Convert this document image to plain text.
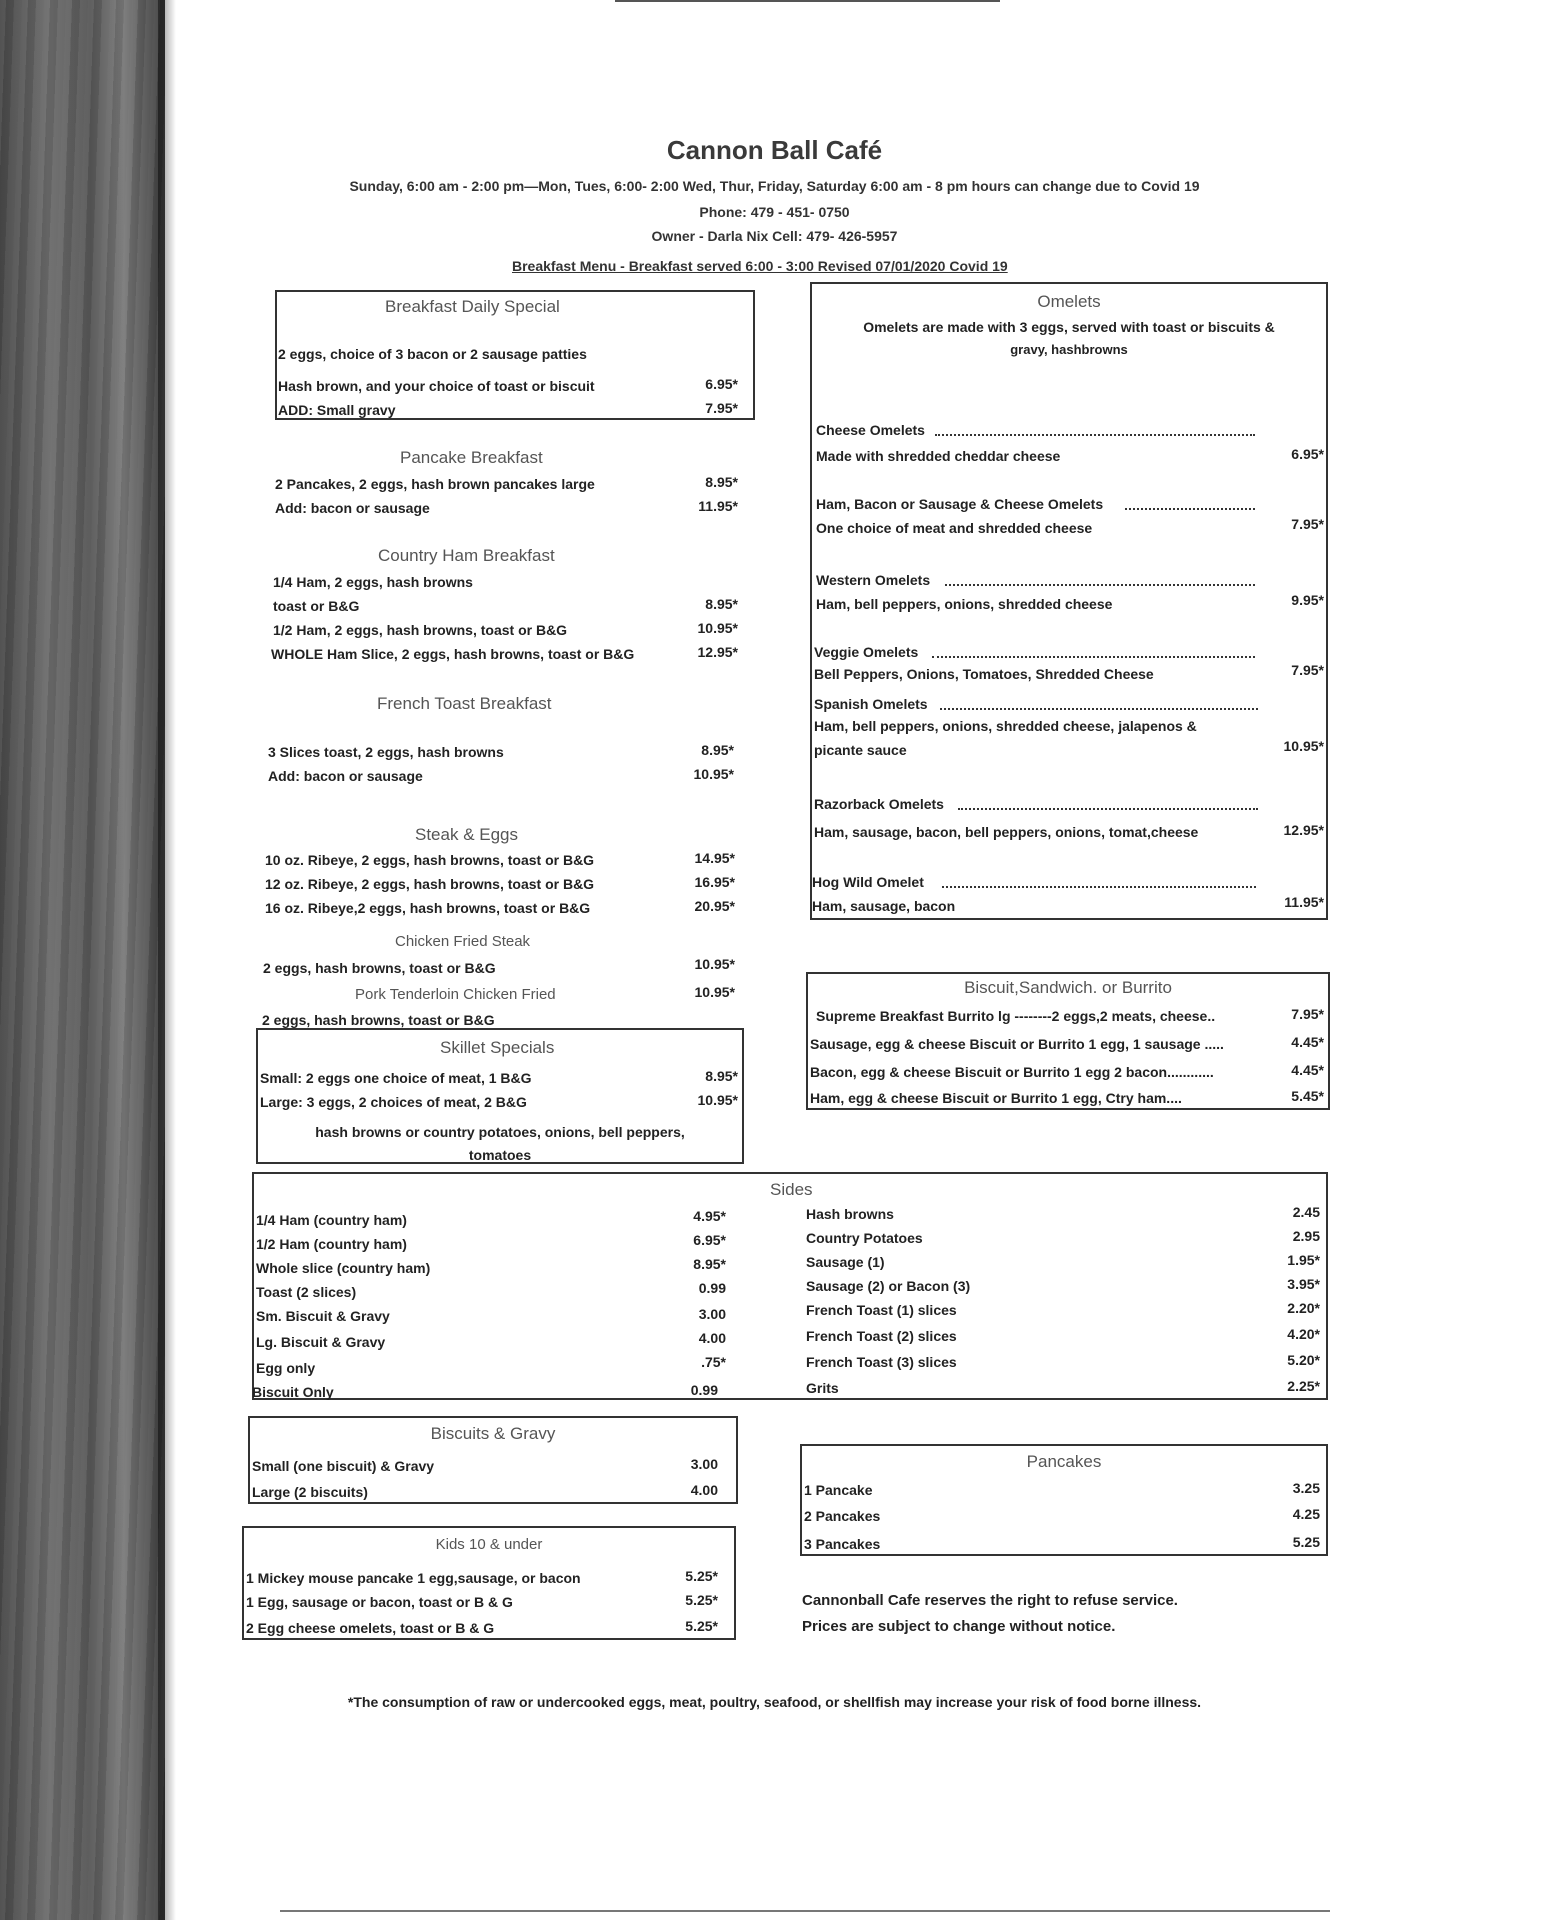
Cannon Ball Café
Sunday, 6:00 am - 2:00 pm—Mon, Tues, 6:00- 2:00 Wed, Thur, Friday, Saturday 6:00 am - 8 pm hours can change due to Covid 19
Phone: 479 - 451- 0750
Owner - Darla Nix Cell: 479- 426-5957
Breakfast Menu - Breakfast served 6:00 - 3:00 Revised 07/01/2020 Covid 19
Breakfast Daily Special
2 eggs, choice of 3 bacon or 2 sausage patties
Hash brown, and your choice of toast or biscuit	6.95*
ADD: Small gravy	7.95*
Pancake Breakfast
2 Pancakes, 2 eggs, hash brown pancakes large	8.95*
Add: bacon or sausage	11.95*
Country Ham Breakfast
1/4 Ham, 2 eggs, hash browns
toast or B&G	8.95*
1/2 Ham, 2 eggs, hash browns, toast or B&G	10.95*
WHOLE Ham Slice, 2 eggs, hash browns, toast or B&G	12.95*
French Toast Breakfast
3 Slices toast, 2 eggs, hash browns	8.95*
Add: bacon or sausage	10.95*
Steak & Eggs
10 oz. Ribeye, 2 eggs, hash browns, toast or B&G	14.95*
12 oz. Ribeye, 2 eggs, hash browns, toast or B&G	16.95*
16 oz. Ribeye,2 eggs, hash browns, toast or B&G	20.95*
Chicken Fried Steak
2 eggs, hash browns, toast or B&G	10.95*
Pork Tenderloin Chicken Fried	10.95*
2 eggs, hash browns, toast or B&G
Skillet Specials
Small: 2 eggs one choice of meat, 1 B&G	8.95*
Large: 3 eggs, 2 choices of meat, 2 B&G	10.95*
hash browns or country potatoes, onions, bell peppers,
tomatoes
Omelets
Omelets are made with 3 eggs, served with toast or biscuits &
gravy, hashbrowns
Cheese Omelets
Made with shredded cheddar cheese	6.95*
Ham, Bacon or Sausage & Cheese Omelets
One choice of meat and shredded cheese	7.95*
Western Omelets
Ham, bell peppers, onions, shredded cheese	9.95*
Veggie Omelets
Bell Peppers, Onions, Tomatoes, Shredded Cheese	7.95*
Spanish Omelets
Ham, bell peppers, onions, shredded cheese, jalapenos &
picante sauce	10.95*
Razorback Omelets
Ham, sausage, bacon, bell peppers, onions, tomat,cheese	12.95*
Hog Wild Omelet
Ham, sausage, bacon	11.95*
Biscuit,Sandwich. or Burrito
Supreme Breakfast Burrito lg --------2 eggs,2 meats, cheese..	7.95*
Sausage, egg & cheese Biscuit or Burrito 1 egg, 1 sausage .....	4.45*
Bacon, egg & cheese Biscuit or Burrito 1 egg 2 bacon............	4.45*
Ham, egg & cheese Biscuit or Burrito 1 egg, Ctry ham....	5.45*
Sides
1/4 Ham (country ham)	4.95*
1/2 Ham (country ham)	6.95*
Whole slice (country ham)	8.95*
Toast (2 slices)	0.99
Sm. Biscuit & Gravy	3.00
Lg. Biscuit & Gravy	4.00
Egg only	.75*
Biscuit Only	0.99
Hash browns	2.45
Country Potatoes	2.95
Sausage (1)	1.95*
Sausage (2) or Bacon (3)	3.95*
French Toast (1) slices	2.20*
French Toast (2) slices	4.20*
French Toast (3) slices	5.20*
Grits	2.25*
Biscuits & Gravy
Small (one biscuit) & Gravy	3.00
Large (2 biscuits)	4.00
Pancakes
1 Pancake	3.25
2 Pancakes	4.25
3 Pancakes	5.25
Kids 10 & under
1 Mickey mouse pancake 1 egg,sausage, or bacon	5.25*
1 Egg, sausage or bacon, toast or B & G	5.25*
2 Egg cheese omelets, toast or B & G	5.25*
Cannonball Cafe reserves the right to refuse service.
Prices are subject to change without notice.
*The consumption of raw or undercooked eggs, meat, poultry, seafood, or shellfish may increase your risk of food borne illness.
